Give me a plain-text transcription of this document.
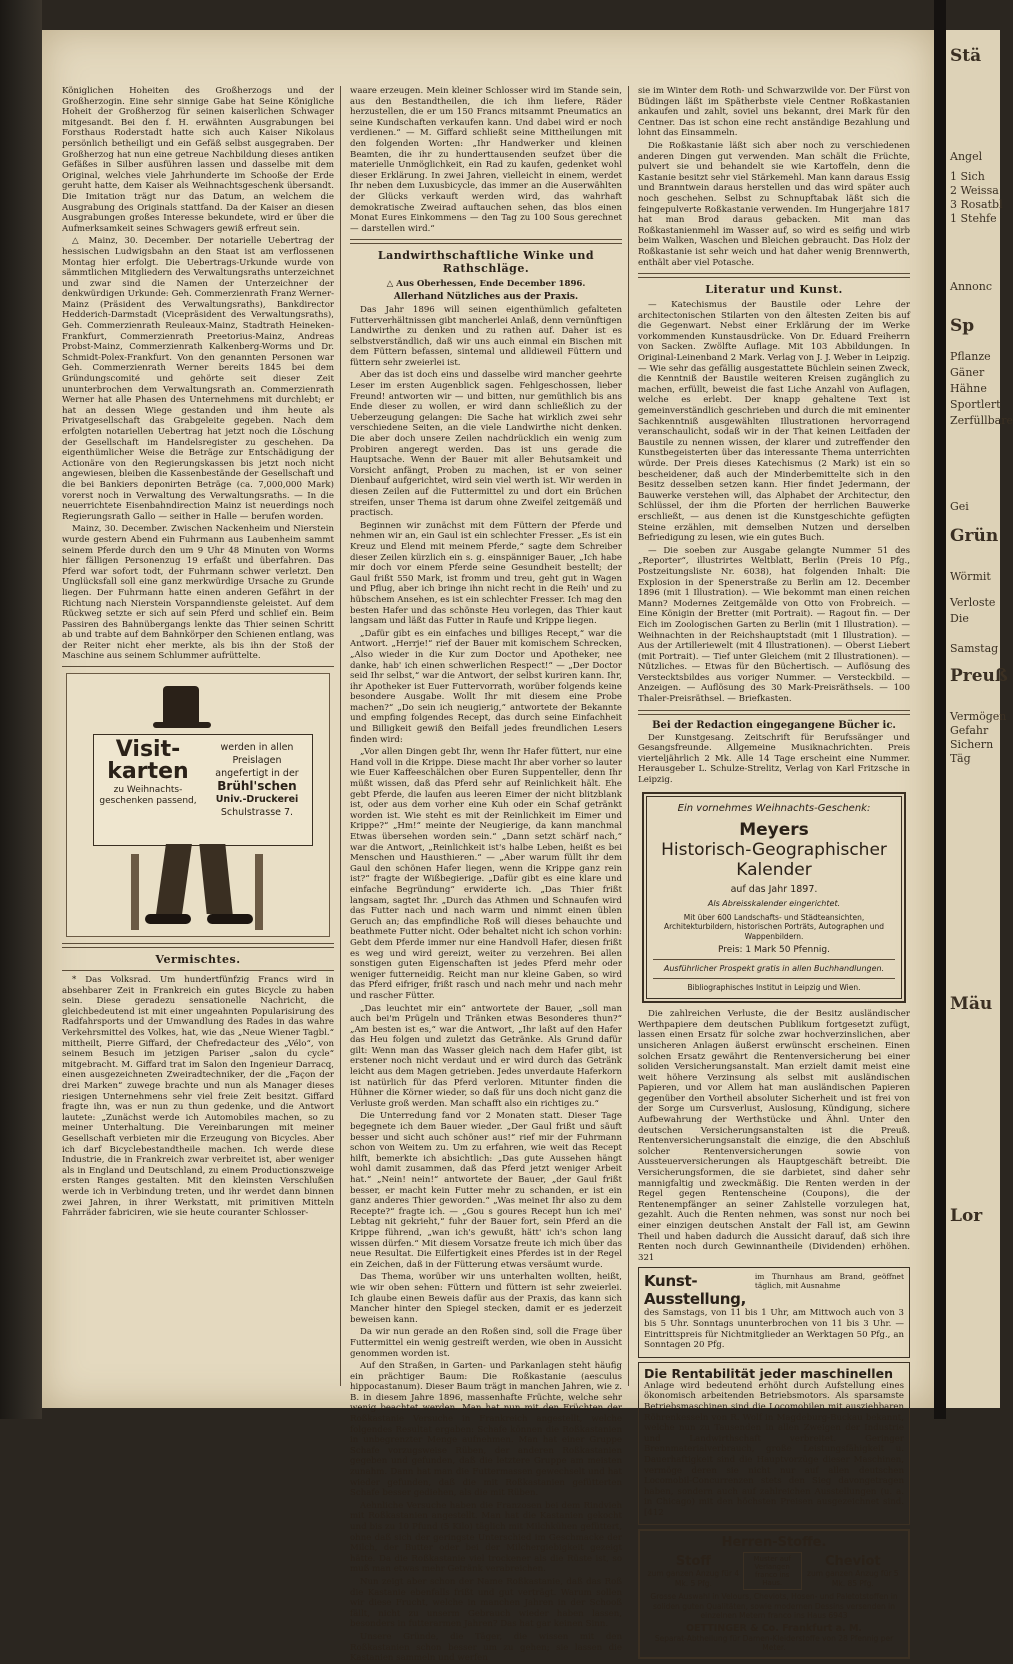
Königlichen Hoheiten des Großherzogs und der Großherzogin. Eine sehr sinnige Gabe hat Seine Königliche Hoheit der Großherzog für seinen kaiserlichen Schwager mitgesandt. Bei den f. H. erwähnten Ausgrabungen bei Forsthaus Roderstadt hatte sich auch Kaiser Nikolaus persönlich betheiligt und ein Gefäß selbst ausgegraben. Der Großherzog hat nun eine getreue Nachbildung dieses antiken Gefäßes in Silber ausführen lassen und dasselbe mit dem Original, welches viele Jahrhunderte im Schooße der Erde geruht hatte, dem Kaiser als Weihnachtsgeschenk übersandt. Die Imitation trägt nur das Datum, an welchem die Ausgrabung des Originals stattfand. Da der Kaiser an diesen Ausgrabungen großes Interesse bekundete, wird er über die Aufmerksamkeit seines Schwagers gewiß erfreut sein.

△ Mainz, 30. December. Der notarielle Uebertrag der hessischen Ludwigsbahn an den Staat ist am verflossenen Montag hier erfolgt. Die Uebertrags-Urkunde wurde von sämmtlichen Mitgliedern des Verwaltungsraths unterzeichnet und zwar sind die Namen der Unterzeichner der denkwürdigen Urkunde: Geh. Commerzienrath Franz Werner-Mainz (Präsident des Verwaltungsraths), Bankdirector Hedderich-Darmstadt (Vicepräsident des Verwaltungsraths), Geh. Commerzienrath Reuleaux-Mainz, Stadtrath Heineken-Frankfurt, Commerzienrath Preetorius-Mainz, Andreas Probst-Mainz, Commerzienrath Kalkenberg-Worms und Dr. Schmidt-Polex-Frankfurt. Von den genannten Personen war Geh. Commerzienrath Werner bereits 1845 bei dem Gründungscomité und gehörte seit dieser Zeit ununterbrochen dem Verwaltungsrath an. Commerzienrath Werner hat alle Phasen des Unternehmens mit durchlebt; er hat an dessen Wiege gestanden und ihm heute als Privatgesellschaft das Grabgeleite gegeben. Nach dem erfolgten notariellen Uebertrag hat jetzt noch die Löschung der Gesellschaft im Handelsregister zu geschehen. Da eigenthümlicher Weise die Beträge zur Entschädigung der Actionäre von den Regierungskassen bis jetzt noch nicht angewiesen, bleiben die Kassenbestände der Gesellschaft und die bei Bankiers deponirten Beträge (ca. 7,000,000 Mark) vorerst noch in Verwaltung des Verwaltungsraths. — In die neuerrichtete Eisenbahndirection Mainz ist neuerdings noch Regierungsrath Gallo — seither in Halle — berufen worden.

Mainz, 30. December. Zwischen Nackenheim und Nierstein wurde gestern Abend ein Fuhrmann aus Laubenheim sammt seinem Pferde durch den um 9 Uhr 48 Minuten von Worms hier fälligen Personenzug 19 erfaßt und überfahren. Das Pferd war sofort todt, der Fuhrmann schwer verletzt. Den Unglücksfall soll eine ganz merkwürdige Ursache zu Grunde liegen. Der Fuhrmann hatte einen anderen Gefährt in der Richtung nach Nierstein Vorspanndienste geleistet. Auf dem Rückweg setzte er sich auf sein Pferd und schlief ein. Beim Passiren des Bahnübergangs lenkte das Thier seinen Schritt ab und trabte auf dem Bahnkörper den Schienen entlang, was der Reiter nicht eher merkte, als bis ihn der Stoß der Maschine aus seinem Schlummer aufrüttelte.

Visit-
karten
zu Weihnachts-geschenken passend,
werden in allen Preislagen angefertigt in der
Brühl'schen
Univ.-Druckerei
Schulstrasse 7.
Vermischtes.

* Das Volksrad. Um hundertfünfzig Francs wird in absehbarer Zeit in Frankreich ein gutes Bicycle zu haben sein. Diese geradezu sensationelle Nachricht, die gleichbedeutend ist mit einer ungeahnten Popularisirung des Radfahrsports und der Umwandlung des Rades in das wahre Verkehrsmittel des Volkes, hat, wie das „Neue Wiener Tagbl.“ mittheilt, Pierre Giffard, der Chefredacteur des „Vélo“, von seinem Besuch im jetzigen Pariser „salon du cycle“ mitgebracht. M. Giffard trat im Salon den Ingenieur Darracq, einen ausgezeichneten Zweiradtechniker, der die „Façon der drei Marken“ zuwege brachte und nun als Manager dieses riesigen Unternehmens sehr viel freie Zeit besitzt. Giffard fragte ihn, was er nun zu thun gedenke, und die Antwort lautete: „Zunächst werde ich Automobiles machen, so zu meiner Unterhaltung. Die Vereinbarungen mit meiner Gesellschaft verbieten mir die Erzeugung von Bicycles. Aber ich darf Bicyclebestandtheile machen. Ich werde diese Industrie, die in Frankreich zwar verbreitet ist, aber weniger als in England und Deutschland, zu einem Productionszweige ersten Ranges gestalten. Mit den kleinsten Verschlußen werde ich in Verbindung treten, und ihr werdet dann binnen zwei Jahren, in ihrer Werkstatt, mit primitiven Mitteln Fahrräder fabriciren, wie sie heute couranter Schlosser-

waare erzeugen. Mein kleiner Schlosser wird im Stande sein, aus den Bestandtheilen, die ich ihm liefere, Räder herzustellen, die er um 150 Francs mitsammt Pneumatics an seine Kundschaften verkaufen kann. Und dabei wird er noch verdienen.“ — M. Giffard schließt seine Mittheilungen mit den folgenden Worten: „Ihr Handwerker und kleinen Beamten, die ihr zu hunderttausenden seufzet über die materielle Unmöglichkeit, ein Rad zu kaufen, gedenket wohl dieser Erklärung. In zwei Jahren, vielleicht in einem, werdet Ihr neben dem Luxusbicycle, das immer an die Auserwählten der Glücks verkauft werden wird, das wahrhaft demokratische Zweirad auftauchen sehen, das blos einen Monat Eures Einkommens — den Tag zu 100 Sous gerechnet — darstellen wird.“

Landwirthschaftliche Winke und Rathschläge.

△ Aus Oberhessen, Ende December 1896.

Allerhand Nützliches aus der Praxis.

Das Jahr 1896 will seinen eigenthümlich gefalteten Futterverhältnissen gibt mancherlei Anlaß, denn vernünftigen Landwirthe zu denken und zu rathen auf. Daher ist es selbstverständlich, daß wir uns auch einmal ein Bischen mit dem Füttern befassen, sintemal und alldieweil Füttern und füttern sehr zweierlei ist.

Aber das ist doch eins und dasselbe wird mancher geehrte Leser im ersten Augenblick sagen. Fehlgeschossen, lieber Freund! antworten wir — und bitten, nur gemüthlich bis ans Ende dieser zu wollen, er wird dann schließlich zu der Ueberzeugung gelangen: Die Sache hat wirklich zwei sehr verschiedene Seiten, an die viele Landwirthe nicht denken. Die aber doch unsere Zeilen nachdrücklich ein wenig zum Probiren angeregt werden. Das ist uns gerade die Hauptsache. Wenn der Bauer mit aller Behutsamkeit und Vorsicht anfängt, Proben zu machen, ist er von seiner Dienbauf aufgerichtet, wird sein viel werth ist. Wir werden in diesen Zeilen auf die Futtermittel zu und dort ein Brüchen streifen, unser Thema ist darum ohne Zweifel zeitgemäß und practisch.

Beginnen wir zunächst mit dem Füttern der Pferde und nehmen wir an, ein Gaul ist ein schlechter Fresser. „Es ist ein Kreuz und Elend mit meinem Pferde,“ sagte dem Schreiber dieser Zeilen kürzlich ein s. g. einspänniger Bauer, „Ich habe mir doch vor einem Pferde seine Gesundheit bestellt; der Gaul frißt 550 Mark, ist fromm und treu, geht gut in Wagen und Pflug, aber ich bringe ihn nicht recht in die Reih' und zu hübschem Ansehen, es ist ein schlechter Fresser. Ich mag den besten Hafer und das schönste Heu vorlegen, das Thier kaut langsam und läßt das Futter in Raufe und Krippe liegen.

„Dafür gibt es ein einfaches und billiges Recept,“ war die Antwort. „Herrje!“ rief der Bauer mit komischem Schrecken, „Also wieder in die Kur zum Doctor und Apotheker, nee danke, hab' ich einen schwerlichen Respect!“ — „Der Doctor seid Ihr selbst,“ war die Antwort, der selbst kuriren kann. Ihr, ihr Apotheker ist Euer Futtervorrath, worüber folgends keine besondere Ausgabe. Wollt Ihr mit diesem eine Probe machen?“ „Do sein ich neugierig,“ antwortete der Bekannte und empfing folgendes Recept, das durch seine Einfachheit und Billigkeit gewiß den Beifall jedes freundlichen Lesers finden wird:

„Vor allen Dingen gebt Ihr, wenn Ihr Hafer füttert, nur eine Hand voll in die Krippe. Diese macht Ihr aber vorher so lauter wie Euer Kaffeeschälchen ober Euren Suppenteller, denn Ihr müßt wissen, daß das Pferd sehr auf Reinlichkeit hält. Ehe gebt Pferde, die laufen aus leeren Eimer der nicht blitzblank ist, oder aus dem vorher eine Kuh oder ein Schaf getränkt worden ist. Wie steht es mit der Reinlichkeit im Eimer und Krippe?“ „Hm!“ meinte der Neugierige, da kann manchmal Etwas übersehen worden sein.“ „Dann setzt schärf nach,“ war die Antwort, „Reinlichkeit ist's halbe Leben, heißt es bei Menschen und Hausthieren.“ — „Aber warum füllt ihr dem Gaul den schönen Hafer liegen, wenn die Krippe ganz rein ist?“ fragte der Wißbegierige. „Dafür gibt es eine klare und einfache Begründung“ erwiderte ich. „Das Thier frißt langsam, sagtet Ihr. „Durch das Athmen und Schnaufen wird das Futter nach und nach warm und nimmt einen üblen Geruch an; das empfindliche Roß will dieses behauchte und beathmete Futter nicht. Oder behaltet nicht ich schon vorhin: Gebt dem Pferde immer nur eine Handvoll Hafer, diesen frißt es weg und wird gereizt, weiter zu verzehren. Bei allen sonstigen guten Eigenschaften ist jedes Pferd mehr oder weniger futterneidig. Reicht man nur kleine Gaben, so wird das Pferd eifriger, frißt rasch und nach mehr und nach mehr und rascher Fütter.

„Das leuchtet mir ein“ antwortete der Bauer, „soll man auch bei'm Prügeln und Tränken etwas Besonderes thun?“ „Am besten ist es,“ war die Antwort, „Ihr laßt auf den Hafer das Heu folgen und zuletzt das Getränke. Als Grund dafür gilt: Wenn man das Wasser gleich nach dem Hafer gibt, ist erstener noch nicht verdaut und er wird durch das Getränk leicht aus dem Magen getrieben. Jedes unverdaute Haferkorn ist natürlich für das Pferd verloren. Mitunter finden die Hühner die Körner wieder, so daß für uns doch nicht ganz die Verluste groß werden. Man schafft also ein richtiges zu.“

Die Unterredung fand vor 2 Monaten statt. Dieser Tage begegnete ich dem Bauer wieder. „Der Gaul frißt und säuft besser und sicht auch schöner aus!“ rief mir der Fuhrmann schon von Weitem zu. Um zu erfahren, wie weit das Recept hilft, bemerkte ich absichtlich: „Das gute Aussehen hängt wohl damit zusammen, daß das Pferd jetzt weniger Arbeit hat.“ „Nein! nein!“ antwortete der Bauer, „der Gaul frißt besser, er macht kein Futter mehr zu schanden, er ist ein ganz anderes Thier geworden.“ „Was meinet Ihr also zu dem Recepte?“ fragte ich. — „Gou s goures Recept hun ich mei' Lebtag nit gekrieht,“ fuhr der Bauer fort, sein Pferd an die Krippe führend, „wan ich's gewußt, hätt' ich's schon lang wissen dürfen.“ Mit diesem Vorsatze freute ich mich über das neue Resultat. Die Eilfertigkeit eines Pferdes ist in der Regel ein Zeichen, daß in der Fütterung etwas versäumt wurde.

Das Thema, worüber wir uns unterhalten wollten, heißt, wie wir oben sehen: Füttern und füttern ist sehr zweierlei. Ich glaube einen Beweis dafür aus der Praxis, das kann sich Mancher hinter den Spiegel stecken, damit er es jederzeit beweisen kann.

Da wir nun gerade an den Roßen sind, soll die Frage über Futtermittel ein wenig gestreift werden, wie oben in Aussicht genommen worden ist.

Auf den Straßen, in Garten- und Parkanlagen steht häufig ein prächtiger Baum: Die Roßkastanie (aesculus hippocastanum). Dieser Baum trägt in manchen Jahren, wie z. B. in diesem Jahre 1896, massenhafte Früchte, welche sehr wenig beachtet werden. Man hat nun mit den Früchten der Roßkastanie Versuche in Frankreich angestellt, welche folgendes Resultat ergaben: Schafe können die Roßkastanien in unbegrenzter Menge aufnehmen. Man hat einer Gruppe Schafe vorzugsweise Rüben, der anderen Roßkastanien gegeben und gefunden, daß die letztere Gruppe am meisten zunahm. Dann hat man die Futtermassen gewechselt und hat wieder gefunden, daß die mit Roßkastanien gefütterten Schafe besser gediehen, als die mit Rüben.

Aehnliche Versuche haben die Franzosen bei dem Rindvieh mit Roßkastanien angestellt. Man hat die Kastanien gekocht und bis zu 10 Pfund (5 Kilo) täglich mit Milchkühen gefüttert, ohne daß sich der geringste Unterschied im Geschmacke der Milch, der Butter oder bei der Milchergiebigkeit gezeigt hätte. Da die Roßkastanie viel trockener als die Rüste ist, so muß man etwas mehr Getränk verabreichen.

Nun zeigt aber schon der Name Roßkastanie, daß das Roß die Kastanie ebenfalls frißt und gut verträgt. Warum sollen wir diese Frucht, welche in manchen Jahren in der Schooß fällt, nicht zu unserm Gebrauch wieder haben lassen, besonders in futterarmen Jahren? Das hat gar keinen Sinn.

Unsere Gründe, die Täger, die wissen mit den Roßkastanien schon besser um zu gehen; sie lassen die Kastanien sammeln und werfen

sie im Winter dem Roth- und Schwarzwilde vor. Der Fürst von Büdingen läßt im Spätherbste viele Centner Roßkastanien ankaufen und zahlt, soviel uns bekannt, drei Mark für den Centner. Das ist schon eine recht anständige Bezahlung und lohnt das Einsammeln.

Die Roßkastanie läßt sich aber noch zu verschiedenen anderen Dingen gut verwenden. Man schält die Früchte, pulvert sie und behandelt sie wie Kartoffeln, denn die Kastanie besitzt sehr viel Stärkemehl. Man kann daraus Essig und Branntwein daraus herstellen und das wird später auch noch geschehen. Selbst zu Schnupftabak läßt sich die feingepulverte Roßkastanie verwenden. Im Hungerjahre 1817 hat man Brod daraus gebacken. Mit man das Roßkastanienmehl im Wasser auf, so wird es seifig und wirb beim Walken, Waschen und Bleichen gebraucht. Das Holz der Roßkastanie ist sehr weich und hat daher wenig Brennwerth, enthält aber viel Potasche.

Literatur und Kunst.

— Katechismus der Baustile oder Lehre der architectonischen Stilarten von den ältesten Zeiten bis auf die Gegenwart. Nebst einer Erklärung der im Werke vorkommenden Kunstausdrücke. Von Dr. Eduard Freiherrn von Sacken. Zwölfte Auflage. Mit 103 Abbildungen. In Original-Leinenband 2 Mark. Verlag von J. J. Weber in Leipzig. — Wie sehr das gefällig ausgestattete Büchlein seinen Zweck, die Kenntniß der Baustile weiteren Kreisen zugänglich zu machen, erfüllt, beweist die fast Liche Anzahl von Auflagen, welche es erlebt. Der knapp gehaltene Text ist gemeinverständlich geschrieben und durch die mit eminenter Sachkenntniß ausgewählten Illustrationen hervorragend veranschaulicht, sodaß wir in der That keinen Leitfaden der Baustile zu nennen wissen, der klarer und zutreffender den Kunstbegeisterten über das interessante Thema unterrichten würde. Der Preis dieses Katechismus (2 Mark) ist ein so bescheidener, daß auch der Minderbemittelte sich in den Besitz desselben setzen kann. Hier findet Jedermann, der Bauwerke verstehen will, das Alphabet der Architectur, den Schlüssel, der ihm die Pforten der herrlichen Bauwerke erschließt, — aus denen ist die Kunstgeschichte gefügten Steine erzählen, mit demselben Nutzen und derselben Befriedigung zu lesen, wie ein gutes Buch.

— Die soeben zur Ausgabe gelangte Nummer 51 des „Reporter“, illustrirtes Weltblatt, Berlin (Preis 10 Pfg., Postzeitungsliste Nr. 6038), hat folgenden Inhalt: Die Explosion in der Spenerstraße zu Berlin am 12. December 1896 (mit 1 Illustration). — Wie bekommt man einen reichen Mann? Modernes Zeitgemälde von Otto von Frobreich. — Eine Königin der Bretter (mit Portrait). — Ragout fin. — Der Eich im Zoologischen Garten zu Berlin (mit 1 Illustration). — Weihnachten in der Reichshauptstadt (mit 1 Illustration). — Aus der Artilleriewelt (mit 4 Illustrationen). — Oberst Liebert (mit Portrait). — Tief unter Gleichem (mit 2 Illustrationen). — Nützliches. — Etwas für den Büchertisch. — Auflösung des Verstecktsbildes aus voriger Nummer. — Versteckbild. — Anzeigen. — Auflösung des 30 Mark-Preisräthsels. — 100 Thaler-Preisräthsel. — Briefkasten.

Bei der Redaction eingegangene Bücher ic.

Der Kunstgesang. Zeitschrift für Berufssänger und Gesangsfreunde. Allgemeine Musiknachrichten. Preis vierteljährlich 2 Mk. Alle 14 Tage erscheint eine Nummer. Herausgeber L. Schulze-Strelitz, Verlag von Karl Fritzsche in Leipzig.

Ein vornehmes Weihnachts-Geschenk:
Meyers
Historisch-Geographischer Kalender
auf das Jahr 1897.
Als Abreisskalender eingerichtet.
Mit über 600 Landschafts- und Städteansichten, Architekturbildern, historischen Porträts, Autographen und Wappenbildern.
Preis: 1 Mark 50 Pfennig.
Ausführlicher Prospekt gratis in allen Buchhandlungen.
Bibliographisches Institut in Leipzig und Wien.

Die zahlreichen Verluste, die der Besitz ausländischer Werthpapiere dem deutschen Publikum fortgesetzt zufügt, lassen einen Ersatz für solche zwar hochverzinslichen, aber unsicheren Anlagen äußerst erwünscht erscheinen. Einen solchen Ersatz gewährt die Rentenversicherung bei einer soliden Versicherungsanstalt. Man erzielt damit meist eine weit höhere Verzinsung als selbst mit ausländischen Papieren, und vor Allem hat man ausländischen Papieren gegenüber den Vortheil absoluter Sicherheit und ist frei von der Sorge um Cursverlust, Auslosung, Kündigung, sichere Aufbewahrung der Werthstücke und Ähnl. Unter den deutschen Versicherungsanstalten ist die Preuß. Rentenversicherungsanstalt die einzige, die den Abschluß solcher Rentenversicherungen sowie von Aussteuerversicherungen als Hauptgeschäft betreibt. Die Versicherungsformen, die sie darbietet, sind daher sehr mannigfaltig und zweckmäßig. Die Renten werden in der Regel gegen Rentenscheine (Coupons), die der Rentenempfänger an seiner Zahlstelle vorzulegen hat, gezahlt. Auch die Renten nehmen, was sonst nur noch bei einer einzigen deutschen Anstalt der Fall ist, am Gewinn Theil und haben dadurch die Aussicht darauf, daß sich ihre Renten noch durch Gewinnantheile (Dividenden) erhöhen. 321

Kunst-Ausstellung,
im Thurnhaus am Brand, geöffnet täglich, mit Ausnahme

des Samstags, von 11 bis 1 Uhr, am Mittwoch auch von 3 bis 5 Uhr. Sonntags ununterbrochen von 11 bis 3 Uhr. — Eintrittspreis für Nichtmitglieder an Werktagen 50 Pfg., an Sonntagen 20 Pfg.

Die Rentabilität jeder maschinellen

Anlage wird bedeutend erhöht durch Aufstellung eines ökonomisch arbeitenden Betriebsmotors. Als sparsamste Betriebsmaschinen sind die Locomobilen mit ausziehbaren Röhrenkesseln von R. Wolf in Magdeburg-Buckau bekannt, welche nun zu Tausenden in allen Zweigen der Industrie und Landwirthschaft verbreitet. Geringer Brennmaterialverbrauch, große Leistungsfähigkeit u. Dauerhaftigkeit sind die Hauptvorzüge dieser Maschinen, vermöge deren sie nicht nur auf allen deutschen Locomobil-Concurrenzen stets den Sieg davongetragen haben, sondern auch auf zahlreichen Ausstellungen (u. a. in Chicago) mit den höchsten Preisen ausgezeichnet sind. [412

Herren-Stoffe.
Stoff
zum ganzen Anzug für 4 Mk. 5 Pfg.
Muster auf Verlangen franco ins Haus.
Cheviot
zum ganzen Anzug für 5 Mk. 85 Pfg.
Grosse Auswahl in Velours, Cheviots, Hosen- und Paletotstoffen in soliden guten Qualitäten, sowie modernen Dessins versenden in einzelnen Metern franco ins Haus 6943
OETTINGER & Co. Frankfurt a. M.
Separat-Abtheilung für Damen-Kleiderstoffe von 28 Pfennig per Meter.
Stä
Angel
1 Sich
2 Weissa
3 Rosatbl
1 Stehfe
Annonc
Sp
Pflanze
Gäner
Hähne
Sportlert
Zerfüllbare
Gei
Grün
Wörmit
Verloste
Die
Samstag
Preuß
Vermögen
Gefahr
Sichern
Täg
Mäu
Lor
